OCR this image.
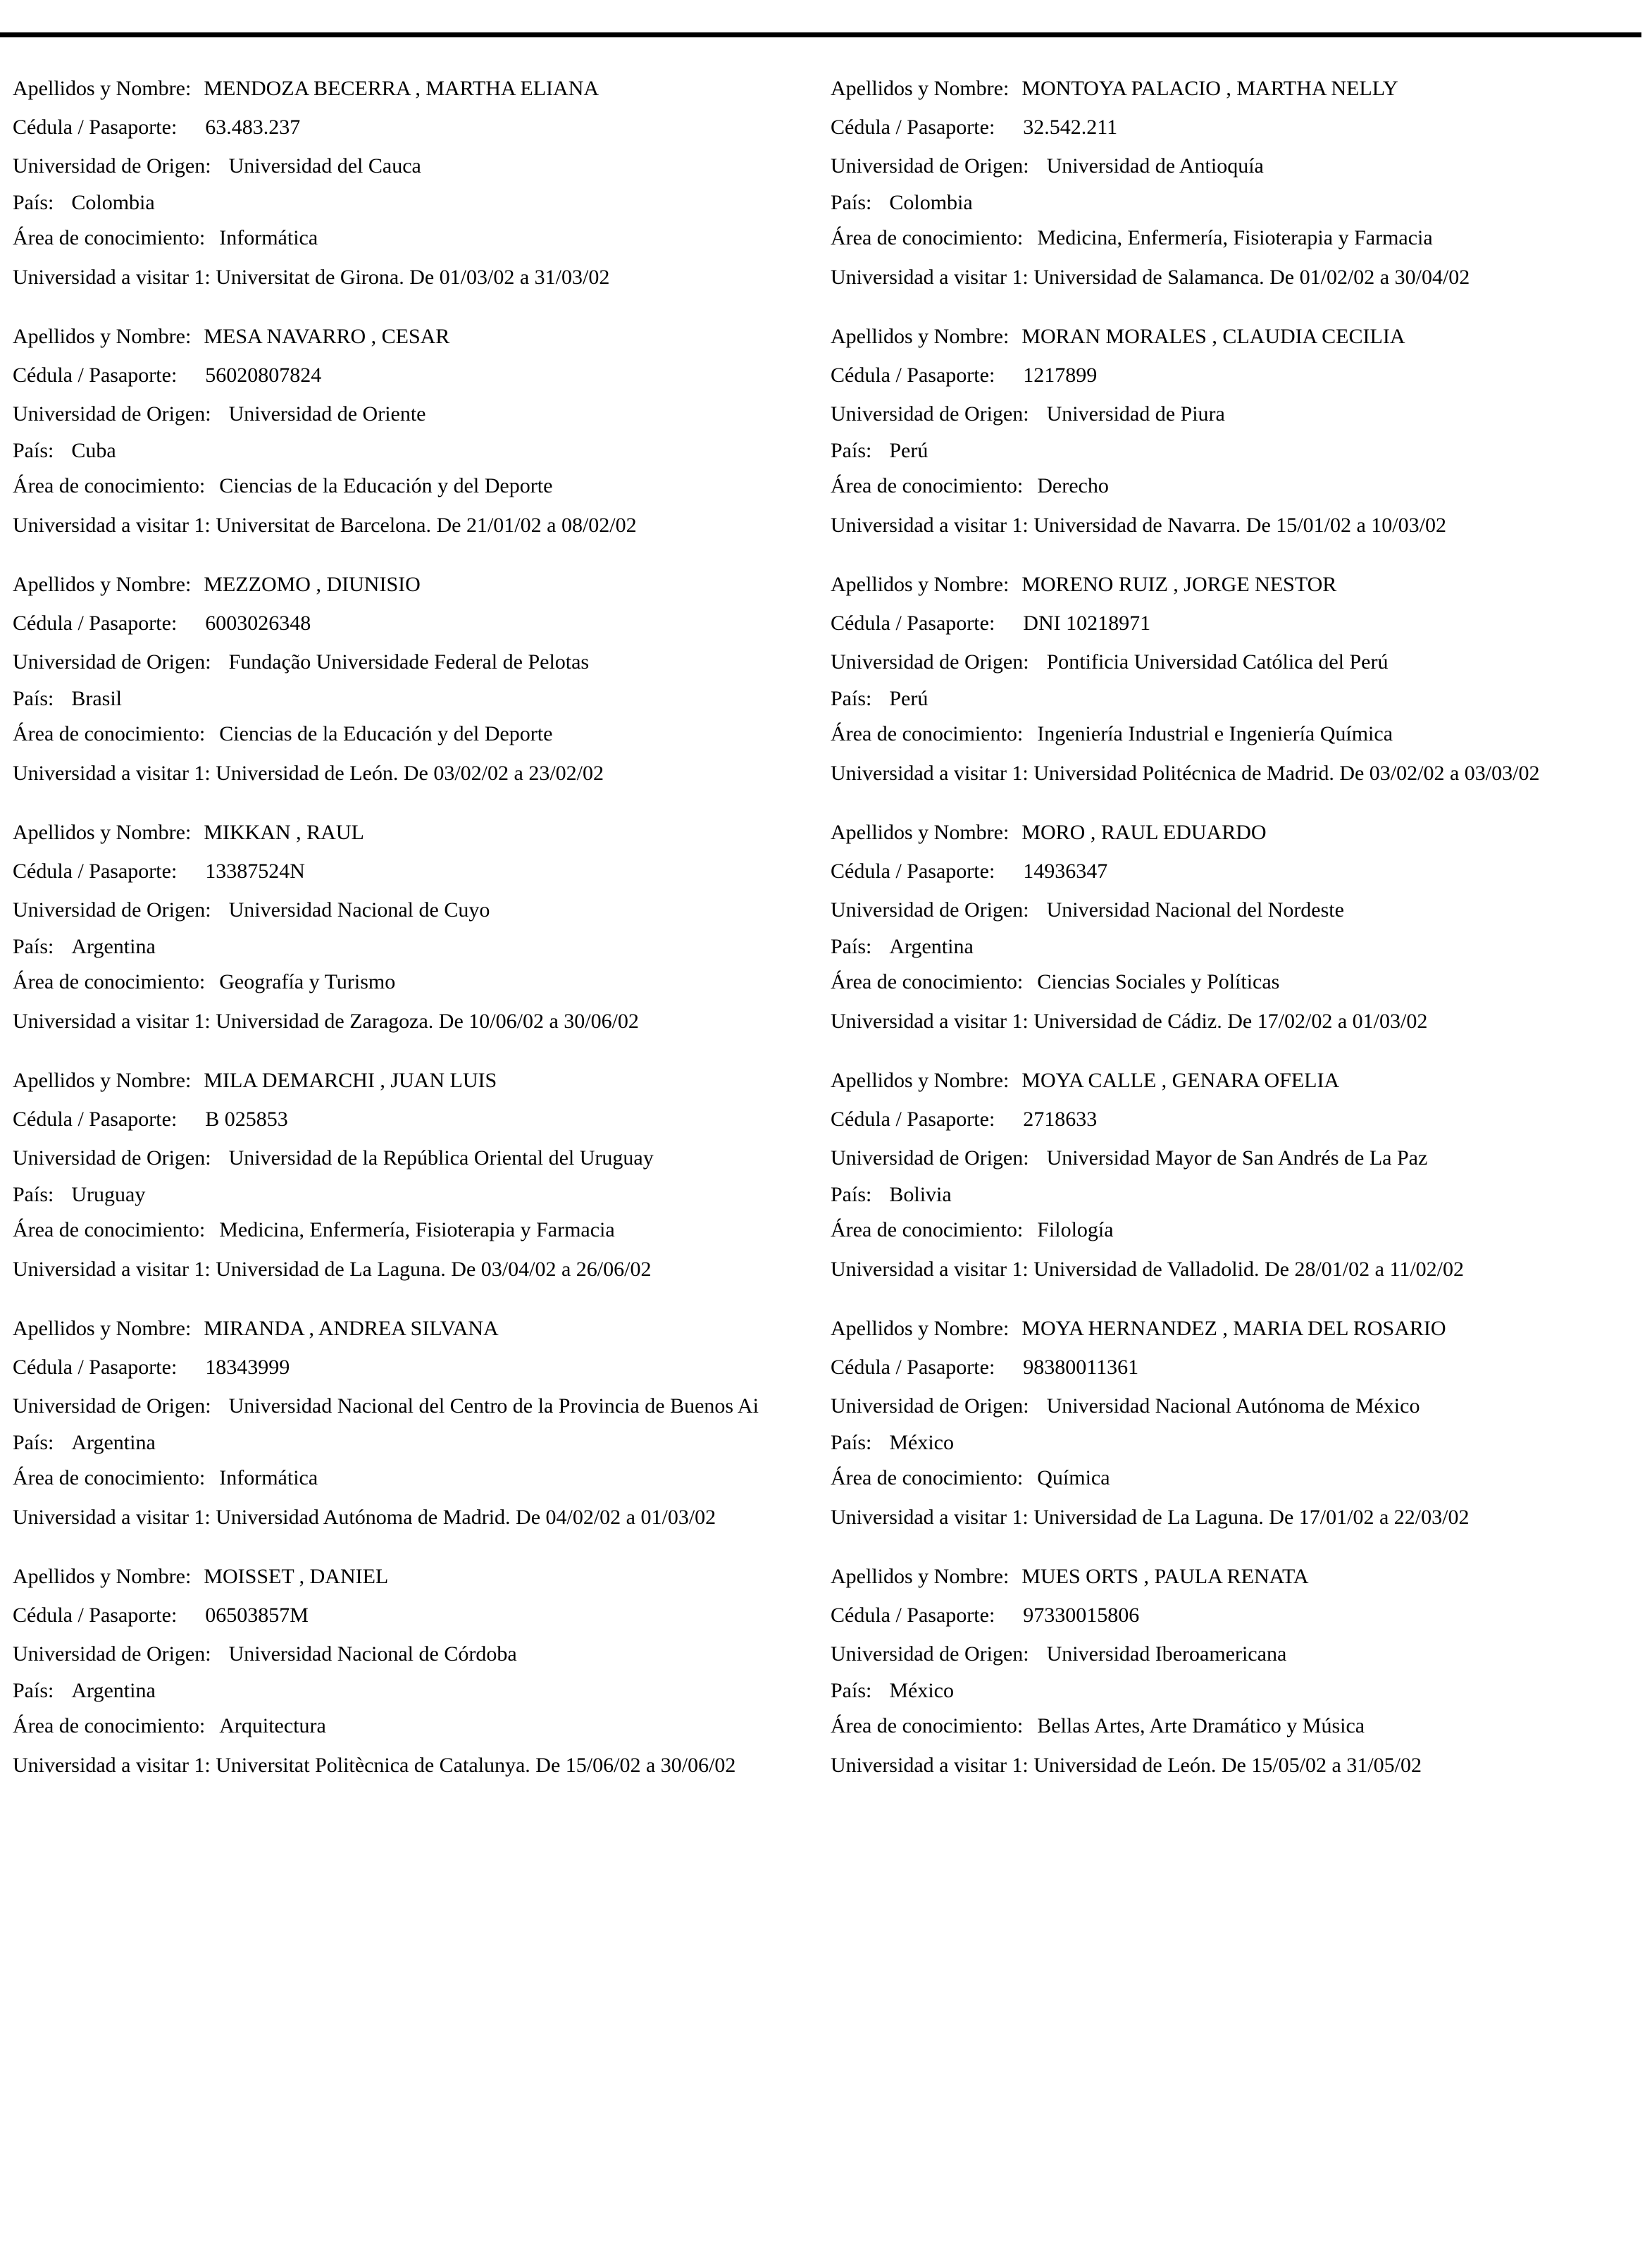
Apellidos y Nombre: MENDOZA BECERRA , MARTHA ELIANA
Cédula / Pasaporte: 63.483.237
Universidad de Origen: Universidad del Cauca
País: Colombia
Área de conocimiento: Informática
Universidad a visitar 1: Universitat de Girona. De 01/03/02 a 31/03/02
Apellidos y Nombre: MESA NAVARRO , CESAR
Cédula / Pasaporte: 56020807824
Universidad de Origen: Universidad de Oriente
País: Cuba
Área de conocimiento: Ciencias de la Educación y del Deporte
Universidad a visitar 1: Universitat de Barcelona. De 21/01/02 a 08/02/02
Apellidos y Nombre: MEZZOMO , DIUNISIO
Cédula / Pasaporte: 6003026348
Universidad de Origen: Fundação Universidade Federal de Pelotas
País: Brasil
Área de conocimiento: Ciencias de la Educación y del Deporte
Universidad a visitar 1: Universidad de León. De 03/02/02 a 23/02/02
Apellidos y Nombre: MIKKAN , RAUL
Cédula / Pasaporte: 13387524N
Universidad de Origen: Universidad Nacional de Cuyo
País: Argentina
Área de conocimiento: Geografía y Turismo
Universidad a visitar 1: Universidad de Zaragoza. De 10/06/02 a 30/06/02
Apellidos y Nombre: MILA DEMARCHI , JUAN LUIS
Cédula / Pasaporte: B 025853
Universidad de Origen: Universidad de la República Oriental del Uruguay
País: Uruguay
Área de conocimiento: Medicina, Enfermería, Fisioterapia y Farmacia
Universidad a visitar 1: Universidad de La Laguna. De 03/04/02 a 26/06/02
Apellidos y Nombre: MIRANDA , ANDREA SILVANA
Cédula / Pasaporte: 18343999
Universidad de Origen: Universidad Nacional del Centro de la Provincia de Buenos Ai
País: Argentina
Área de conocimiento: Informática
Universidad a visitar 1: Universidad Autónoma de Madrid. De 04/02/02 a 01/03/02
Apellidos y Nombre: MOISSET , DANIEL
Cédula / Pasaporte: 06503857M
Universidad de Origen: Universidad Nacional de Córdoba
País: Argentina
Área de conocimiento: Arquitectura
Universidad a visitar 1: Universitat Politècnica de Catalunya. De 15/06/02 a 30/06/02
Apellidos y Nombre: MONTOYA PALACIO , MARTHA NELLY
Cédula / Pasaporte: 32.542.211
Universidad de Origen: Universidad de Antioquía
País: Colombia
Área de conocimiento: Medicina, Enfermería, Fisioterapia y Farmacia
Universidad a visitar 1: Universidad de Salamanca. De 01/02/02 a 30/04/02
Apellidos y Nombre: MORAN MORALES , CLAUDIA CECILIA
Cédula / Pasaporte: 1217899
Universidad de Origen: Universidad de Piura
País: Perú
Área de conocimiento: Derecho
Universidad a visitar 1: Universidad de Navarra. De 15/01/02 a 10/03/02
Apellidos y Nombre: MORENO RUIZ , JORGE NESTOR
Cédula / Pasaporte: DNI 10218971
Universidad de Origen: Pontificia Universidad Católica del Perú
País: Perú
Área de conocimiento: Ingeniería Industrial e Ingeniería Química
Universidad a visitar 1: Universidad Politécnica de Madrid. De 03/02/02 a 03/03/02
Apellidos y Nombre: MORO , RAUL EDUARDO
Cédula / Pasaporte: 14936347
Universidad de Origen: Universidad Nacional del Nordeste
País: Argentina
Área de conocimiento: Ciencias Sociales y Políticas
Universidad a visitar 1: Universidad de Cádiz. De 17/02/02 a 01/03/02
Apellidos y Nombre: MOYA CALLE , GENARA OFELIA
Cédula / Pasaporte: 2718633
Universidad de Origen: Universidad Mayor de San Andrés de La Paz
País: Bolivia
Área de conocimiento: Filología
Universidad a visitar 1: Universidad de Valladolid. De 28/01/02 a 11/02/02
Apellidos y Nombre: MOYA HERNANDEZ , MARIA DEL ROSARIO
Cédula / Pasaporte: 98380011361
Universidad de Origen: Universidad Nacional Autónoma de México
País: México
Área de conocimiento: Química
Universidad a visitar 1: Universidad de La Laguna. De 17/01/02 a 22/03/02
Apellidos y Nombre: MUES ORTS , PAULA RENATA
Cédula / Pasaporte: 97330015806
Universidad de Origen: Universidad Iberoamericana
País: México
Área de conocimiento: Bellas Artes, Arte Dramático y Música
Universidad a visitar 1: Universidad de León. De 15/05/02 a 31/05/02
